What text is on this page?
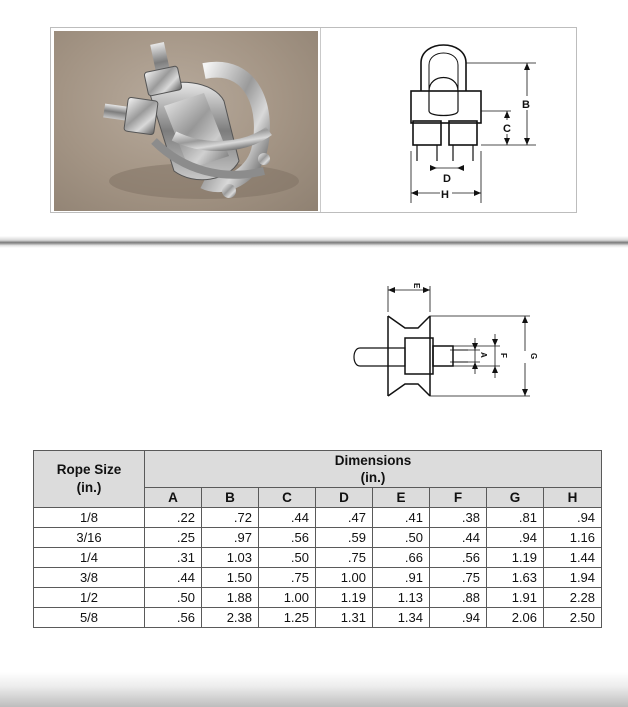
B
C
D
H
E
A F	G
Rope Size
(in.)	Dimensions
(in.)							
	A	B	C	D	E	F	G	H
1/8	.22	.72	.44	.47	.41	.38	.81	.94
3/16	.25	.97	.56	.59	.50	.44	.94	1.16
1/4	.31	1.03	.50	.75	.66	.56	1.19	1.44
3/8	.44	1.50	.75	1.00	.91	.75	1.63	1.94
1/2	.50	1.88	1.00	1.19	1.13	.88	1.91	2.28
5/8	.56	2.38	1.25	1.31	1.34	.94	2.06	2.50
